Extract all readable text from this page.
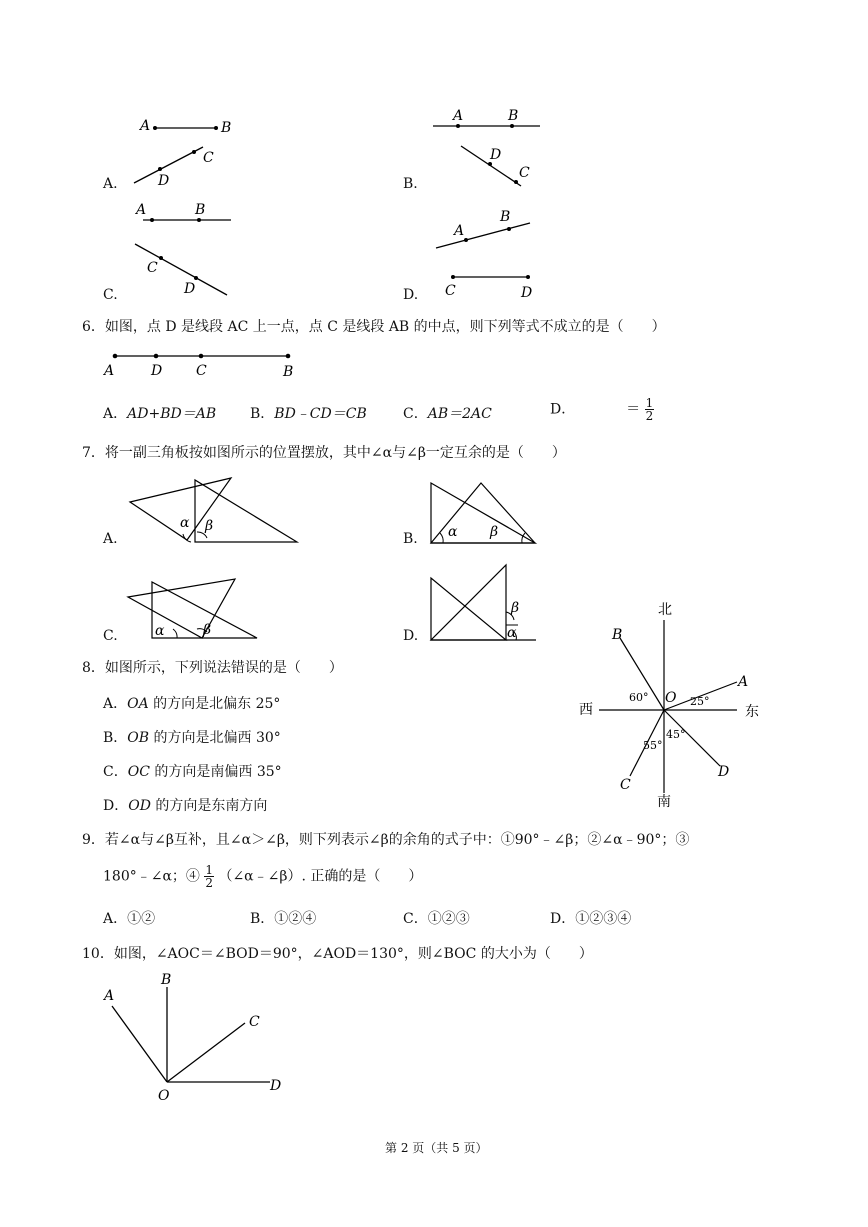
A.
A	B
C
D	B.
A	B
D
C
C.
A	B
C
D	D.
A
B
C	D
6．如图，点 D 是线段 AC 上一点，点 C 是线段 AB 的中点，则下列等式不成立的是（　　）
A	D C	B
A．AD+BD＝AB B．BD﹣CD＝CB	C．AB＝2AC	D．	＝ $\frac{1}{2}$
7．将一副三角板按如图所示的位置摆放，其中∠α与∠β一定互余的是（　　）
A.
α β
B. α β
C.	α	β	D.
β
α
8．如图所示，下列说法错误的是（　　）
A．OA 的方向是北偏东 25°
B．OB 的方向是北偏西 30°
C．OC 的方向是南偏西 35°
D．OD 的方向是东南方向
北
南
东
西
O
A
B
C
D
60°	25°
45°
55°
9．若∠α与∠β互补，且∠α＞∠β，则下列表示∠β的余角的式子中：①90°﹣∠β；②∠α﹣90°；③
180°﹣∠α；④ $\frac{1}{2}$ （∠α﹣∠β）. 正确的是（　　）
A．①②	B．①②④	C．①②③	D．①②③④
10．如图，∠AOC＝∠BOD＝90°，∠AOD＝130°，则∠BOC 的大小为（　　）
A
B
C
D
O
第 2 页（共 5 页）
